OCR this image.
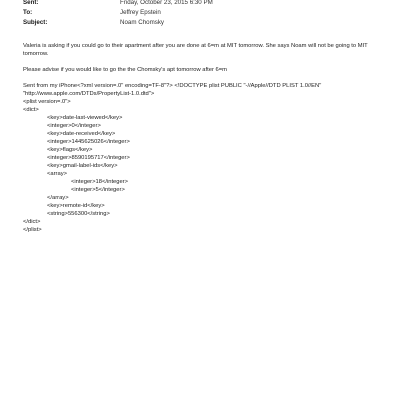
Sent:	Friday, October 23, 2015 6:30 PM
To:	Jeffrey Epstein
Subject:	Noam Chomsky

Valeria is asking if you could go to their apartment after you are done at 6=m at MIT tomorrow. She says Noam will not be going to MIT tomorrow.

Please advise if you would like to go the the Chomsky's apt tomorrow after 6=m

Sent from my iPhone<?xml version=.0" encoding=TF-8"?> <!DOCTYPE plist PUBLIC "-//Apple//DTD PLIST 1.0//EN"
"http://www.apple.com/DTDs/PropertyList-1.0.dtd">
<plist version=.0">
<dict>
<key>date-last-viewed</key>
<integer>0</integer>
<key>date-received</key>
<integer>1445625026</integer>
<key>flags</key>
<integer>8590195717</integer>
<key>gmail-label-ids</key>
<array>
<integer>18</integer>
<integer>5</integer>
</array>
<key>remote-id</key>
<string>556300</string>
</dict>
</plist>
